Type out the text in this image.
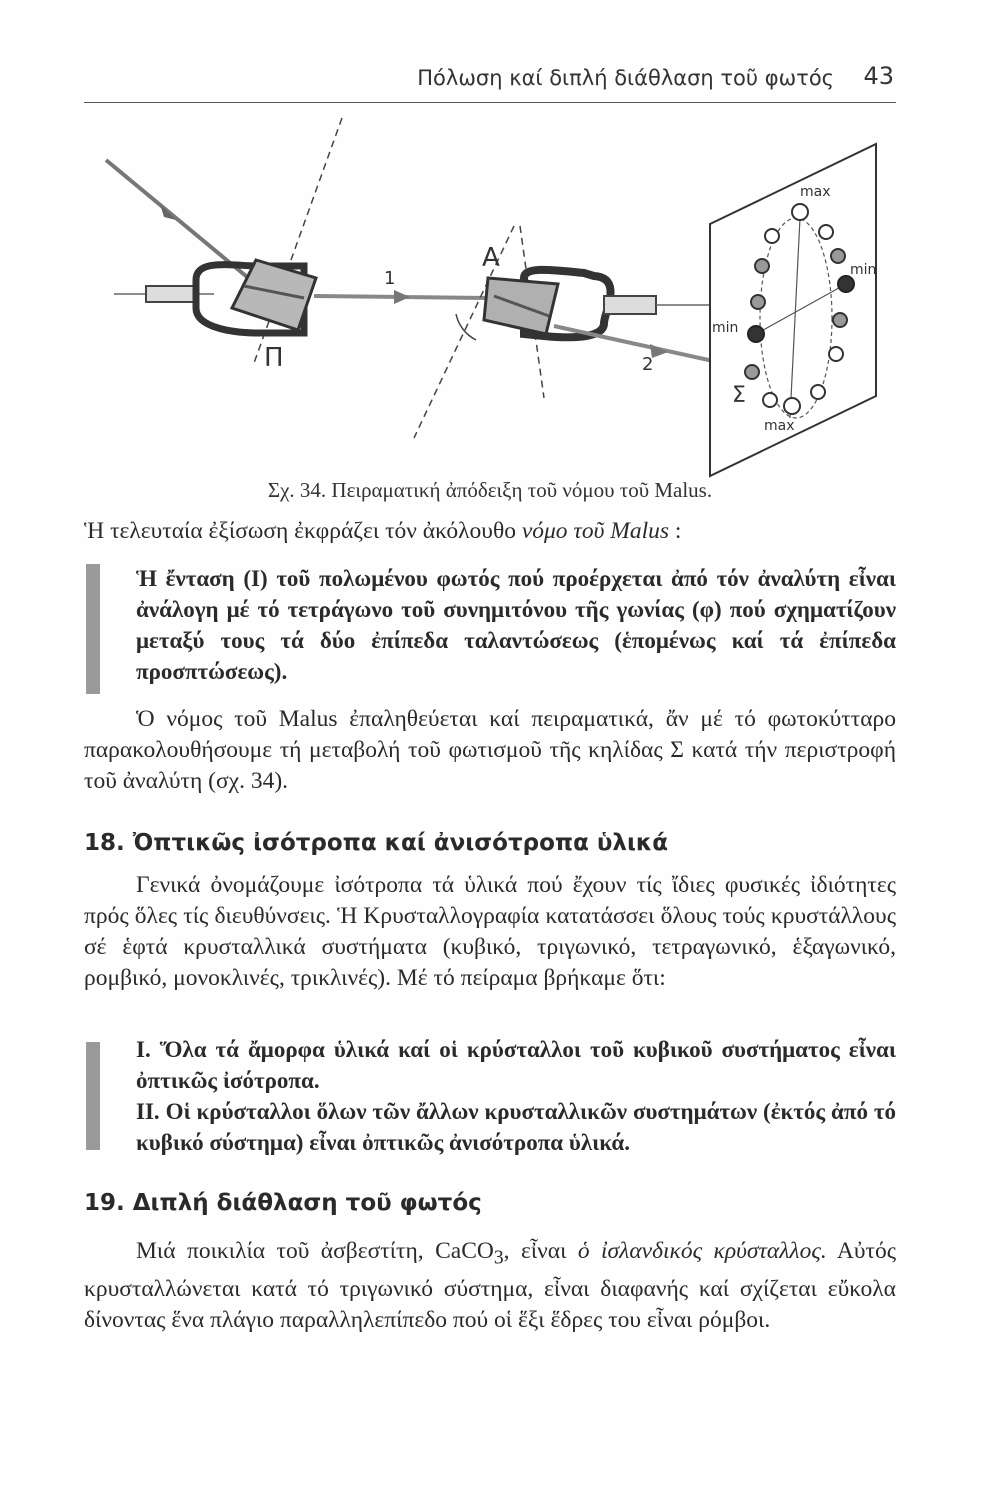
Πόλωση καί διπλή διάθλαση τοῦ φωτός 43
Π
Α
1
2
Σ
max
max
min
min
Σχ. 34. Πειραματική ἀπόδειξη τοῦ νόμου τοῦ Malus.
Ἡ τελευταία ἐξίσωση ἐκφράζει τόν ἀκόλουθο νόμο τοῦ Malus :
Ἡ ἔνταση (I) τοῦ πολωμένου φωτός πού προέρχεται ἀπό τόν ἀναλύτη εἶναι ἀνάλογη μέ τό τετράγωνο τοῦ συνημιτόνου τῆς γωνίας (φ) πού σχηματίζουν μεταξύ τους τά δύο ἐπίπεδα ταλαντώσεως (ἑπομένως καί τά ἐπίπεδα προσπτώσεως).
Ὁ νόμος τοῦ Malus ἐπαληθεύεται καί πειραματικά, ἄν μέ τό φωτοκύτταρο παρακολουθήσουμε τή μεταβολή τοῦ φωτισμοῦ τῆς κηλίδας Σ κατά τήν περιστροφή τοῦ ἀναλύτη (σχ. 34).
18. Ὀπτικῶς ἰσότροπα καί ἀνισότροπα ὑλικά
Γενικά ὀνομάζουμε ἰσότροπα τά ὑλικά πού ἔχουν τίς ἴδιες φυσικές ἰδιότητες πρός ὅλες τίς διευθύνσεις. Ἡ Κρυσταλλογραφία κατατάσσει ὅλους τούς κρυστάλλους σέ ἑφτά κρυσταλλικά συστήματα (κυβικό, τριγωνικό, τετραγωνικό, ἑξαγωνικό, ρομβικό, μονοκλινές, τρικλινές). Μέ τό πείραμα βρήκαμε ὅτι:
I. Ὅλα τά ἄμορφα ὑλικά καί οἱ κρύσταλλοι τοῦ κυβικοῦ συστήματος εἶναι ὀπτικῶς ἰσότροπα.
II. Οἱ κρύσταλλοι ὅλων τῶν ἄλλων κρυσταλλικῶν συστημάτων (ἐκτός ἀπό τό κυβικό σύστημα) εἶναι ὀπτικῶς ἀνισότροπα ὑλικά.
19. Διπλή διάθλαση τοῦ φωτός
Μιά ποικιλία τοῦ ἀσβεστίτη, CaCO$_3$, εἶναι ὁ ἰσλανδικός κρύσταλλος. Αὐτός κρυσταλλώνεται κατά τό τριγωνικό σύστημα, εἶναι διαφανής καί σχίζεται εὔκολα δίνοντας ἕνα πλάγιο παραλληλεπίπεδο πού οἱ ἕξι ἕδρες του εἶναι ρόμβοι.
